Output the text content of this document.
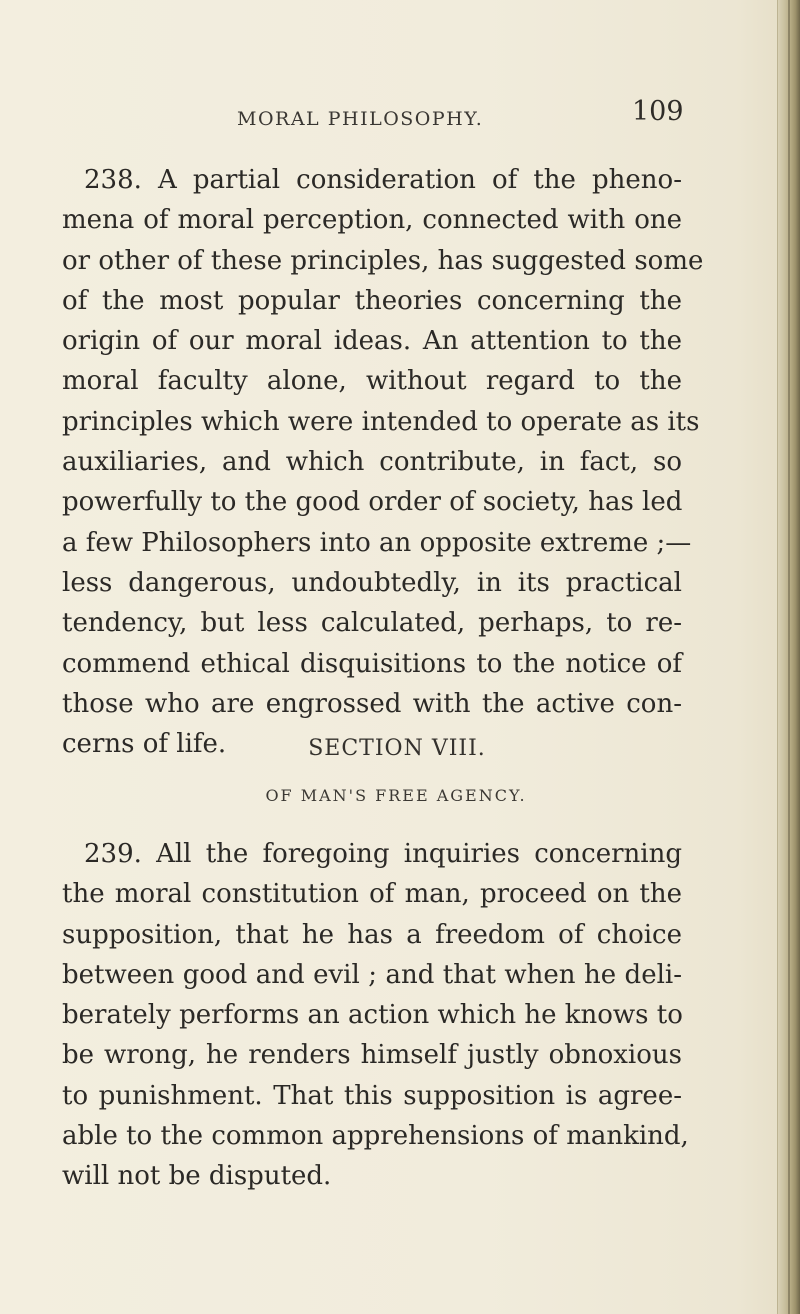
MORAL PHILOSOPHY.	109
238. A partial consideration of the pheno-
mena of moral perception, connected with one
or other of these principles, has suggested some
of the most popular theories concerning the
origin of our moral ideas. An attention to the
moral faculty alone, without regard to the
principles which were intended to operate as its
auxiliaries, and which contribute, in fact, so
powerfully to the good order of society, has led
a few Philosophers into an opposite extreme ;—
less dangerous, undoubtedly, in its practical
tendency, but less calculated, perhaps, to re-
commend ethical disquisitions to the notice of
those who are engrossed with the active con-
cerns of life.	SECTION VIII.
OF MAN'S FREE AGENCY.
239. All the foregoing inquiries concerning
the moral constitution of man, proceed on the
supposition, that he has a freedom of choice
between good and evil ; and that when he deli-
berately performs an action which he knows to
be wrong, he renders himself justly obnoxious
to punishment. That this supposition is agree-
able to the common apprehensions of mankind,
will not be disputed.
